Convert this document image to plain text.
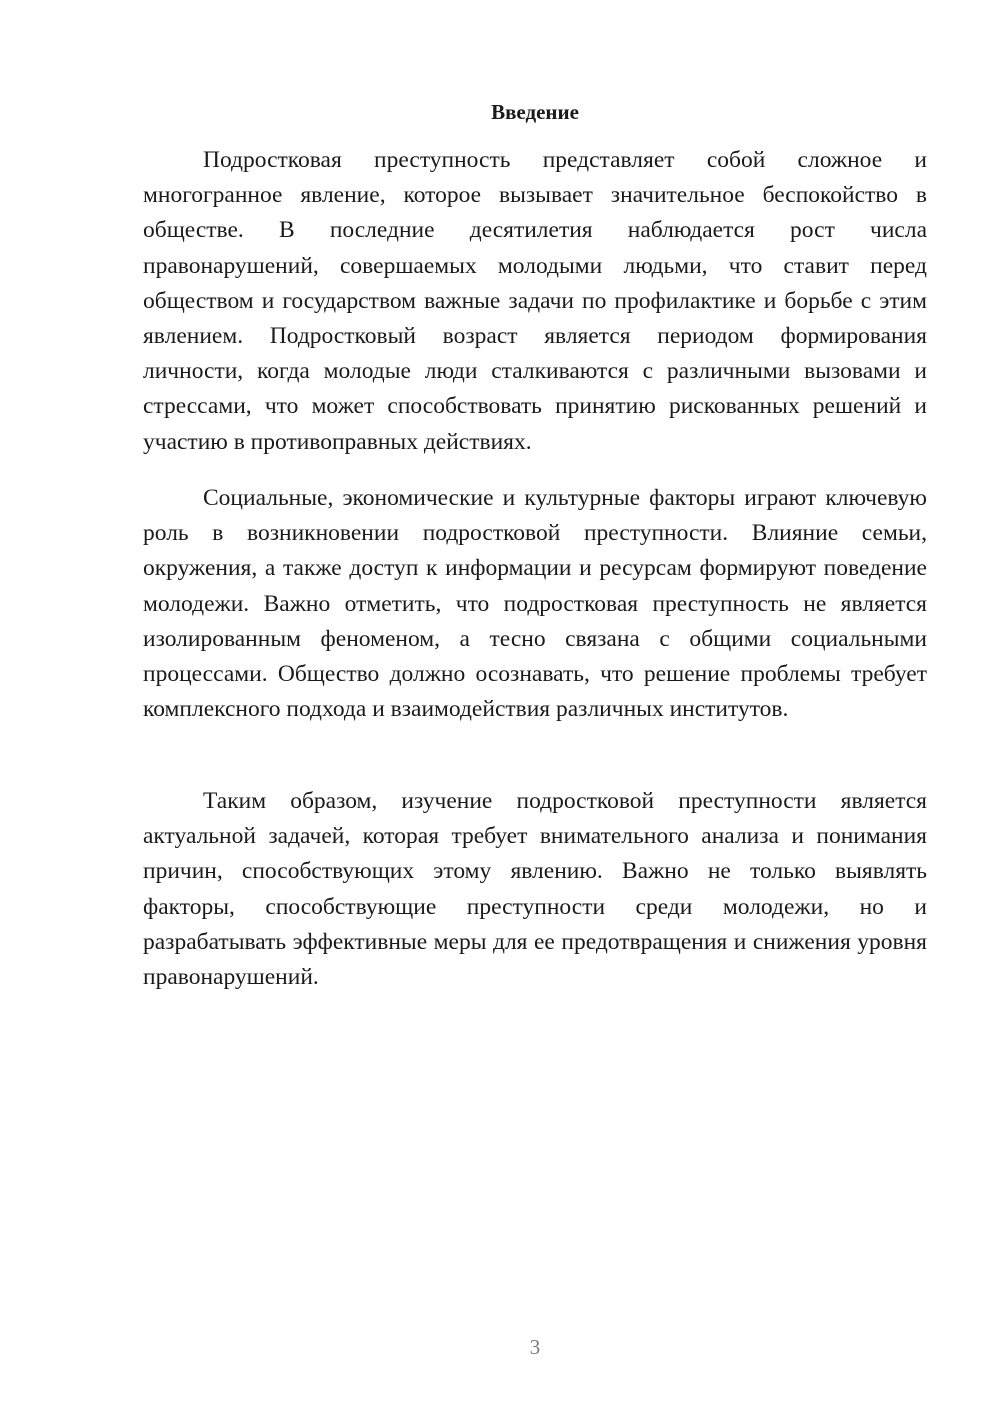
Введение

Подростковая преступность представляет собой сложное и многогранное явление, которое вызывает значительное беспокойство в обществе. В последние десятилетия наблюдается рост числа правонарушений, совершаемых молодыми людьми, что ставит перед обществом и государством важные задачи по профилактике и борьбе с этим явлением. Подростковый возраст является периодом формирования личности, когда молодые люди сталкиваются с различными вызовами и стрессами, что может способствовать принятию рискованных решений и участию в противоправных действиях.

Социальные, экономические и культурные факторы играют ключевую роль в возникновении подростковой преступности. Влияние семьи, окружения, а также доступ к информации и ресурсам формируют поведение молодежи. Важно отметить, что подростковая преступность не является изолированным феноменом, а тесно связана с общими социальными процессами. Общество должно осознавать, что решение проблемы требует комплексного подхода и взаимодействия различных институтов.

Таким образом, изучение подростковой преступности является актуальной задачей, которая требует внимательного анализа и понимания причин, способствующих этому явлению. Важно не только выявлять факторы, способствующие преступности среди молодежи, но и разрабатывать эффективные меры для ее предотвращения и снижения уровня правонарушений.

3
